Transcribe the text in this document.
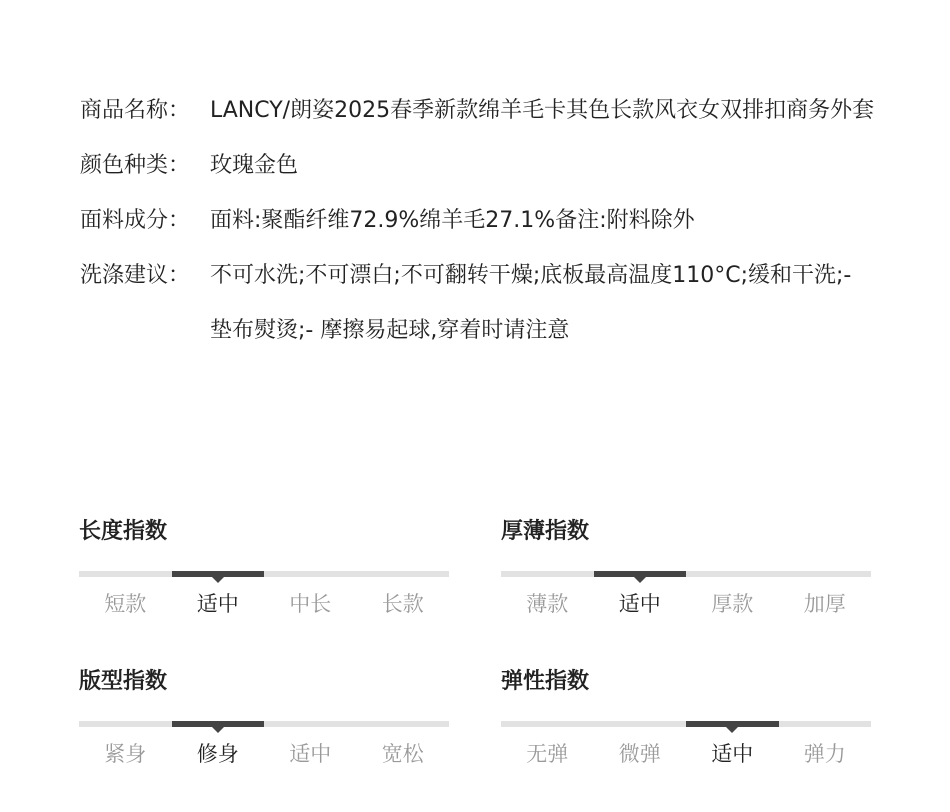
商品名称： LANCY/朗姿2025春季新款绵羊毛卡其色长款风衣女双排扣商务外套
颜色种类： 玫瑰金色
面料成分： 面料:聚酯纤维72.9%绵羊毛27.1%备注:附料除外
洗涤建议： 不可水洗;不可漂白;不可翻转干燥;底板最高温度110°C;缓和干洗;- 垫布熨烫;- 摩擦易起球,穿着时请注意
长度指数
短款	适中	中长	长款
厚薄指数
薄款	适中	厚款	加厚
版型指数
紧身	修身	适中	宽松
弹性指数
无弹	微弹	适中	弹力
